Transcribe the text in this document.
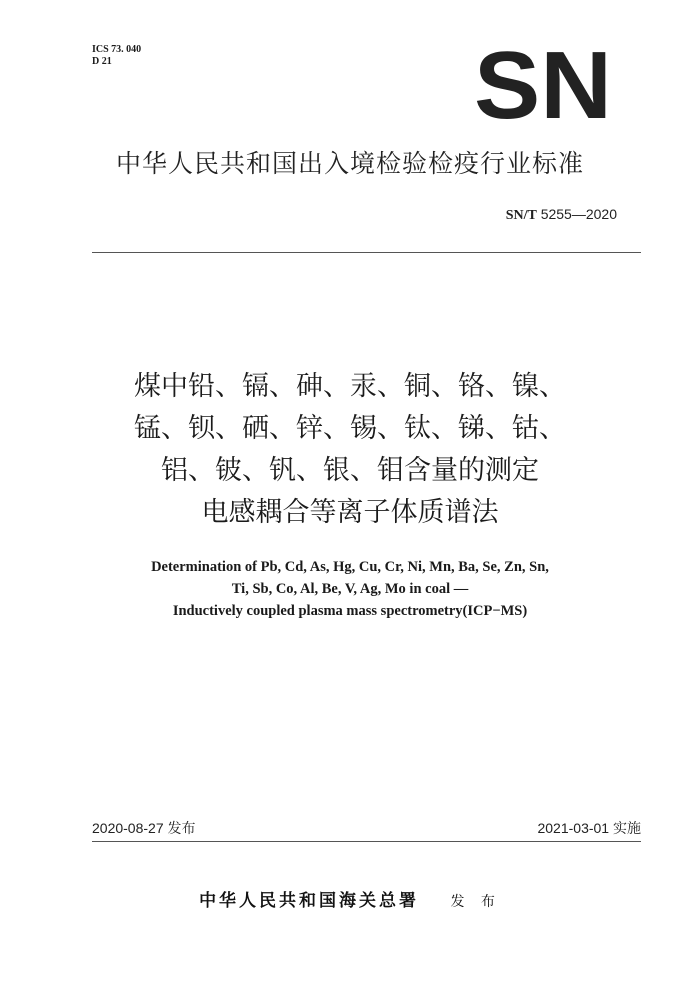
ICS 73. 040
D 21	SN
中华人民共和国出入境检验检疫行业标准
SN/T 5255—2020
煤中铅、镉、砷、汞、铜、铬、镍、
锰、钡、硒、锌、锡、钛、锑、钴、
铝、铍、钒、银、钼含量的测定
电感耦合等离子体质谱法
Determination of Pb, Cd, As, Hg, Cu, Cr, Ni, Mn, Ba, Se, Zn, Sn,
Ti, Sb, Co, Al, Be, V, Ag, Mo in coal —
Inductively coupled plasma mass spectrometry(ICP−MS)
2020-08-27 发布	2021-03-01 实施
中华人民共和国海关总署 发 布
